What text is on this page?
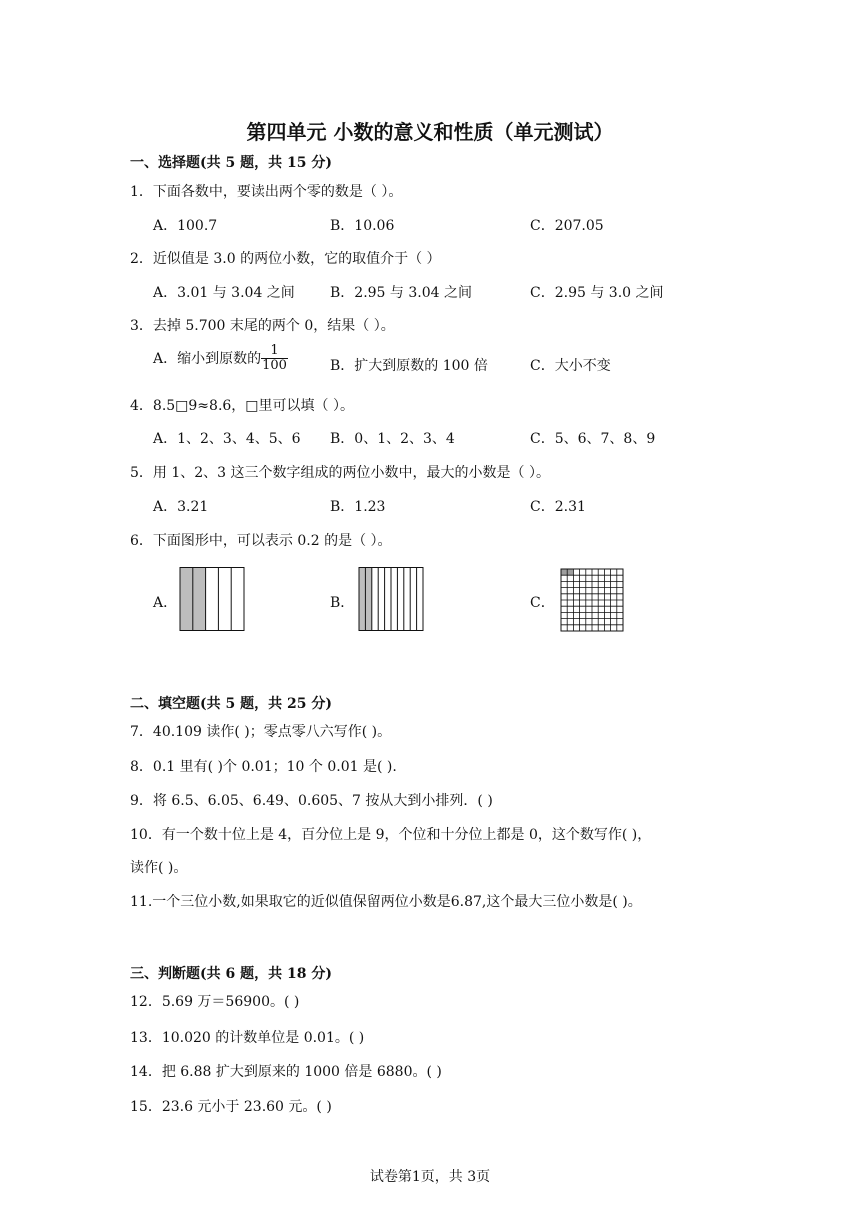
第四单元 小数的意义和性质（单元测试）
一、选择题(共 5 题，共 15 分)
1．下面各数中，要读出两个零的数是（ ）。
A．100.7	B．10.06	C．207.05
2．近似值是 3.0 的两位小数，它的取值介于（ ）
A．3.01 与 3.04 之间	B．2.95 与 3.04 之间	C．2.95 与 3.0 之间
3．去掉 5.700 末尾的两个 0，结果（ ）。
A．缩小到原数的 $\frac{1}{100}$	B．扩大到原数的 100 倍	C．大小不变
4．8.5□9≈8.6，□里可以填（ ）。
A．1、2、3、4、5、6 B．0、1、2、3、4	C．5、6、7、8、9
5．用 1、2、3 这三个数字组成的两位小数中，最大的小数是（ ）。
A．3.21	B．1.23	C．2.31
6．下面图形中，可以表示 0.2 的是（ ）。
A．	B．	C．
二、填空题(共 5 题，共 25 分)
7．40.109 读作( )；零点零八六写作( )。
8．0.1 里有( )个 0.01；10 个 0.01 是( ).
9．将 6.5、6.05、6.49、0.605、7 按从大到小排列．( )
10．有一个数十位上是 4，百分位上是 9，个位和十分位上都是 0，这个数写作( )，
读作( )。
11.一个三位小数,如果取它的近似值保留两位小数是6.87,这个最大三位小数是( )。
三、判断题(共 6 题，共 18 分)
12．5.69 万＝56900。( )
13．10.020 的计数单位是 0.01。( )
14．把 6.88 扩大到原来的 1000 倍是 6880。( )
15．23.6 元小于 23.60 元。( )
试卷第1页，共 3页
